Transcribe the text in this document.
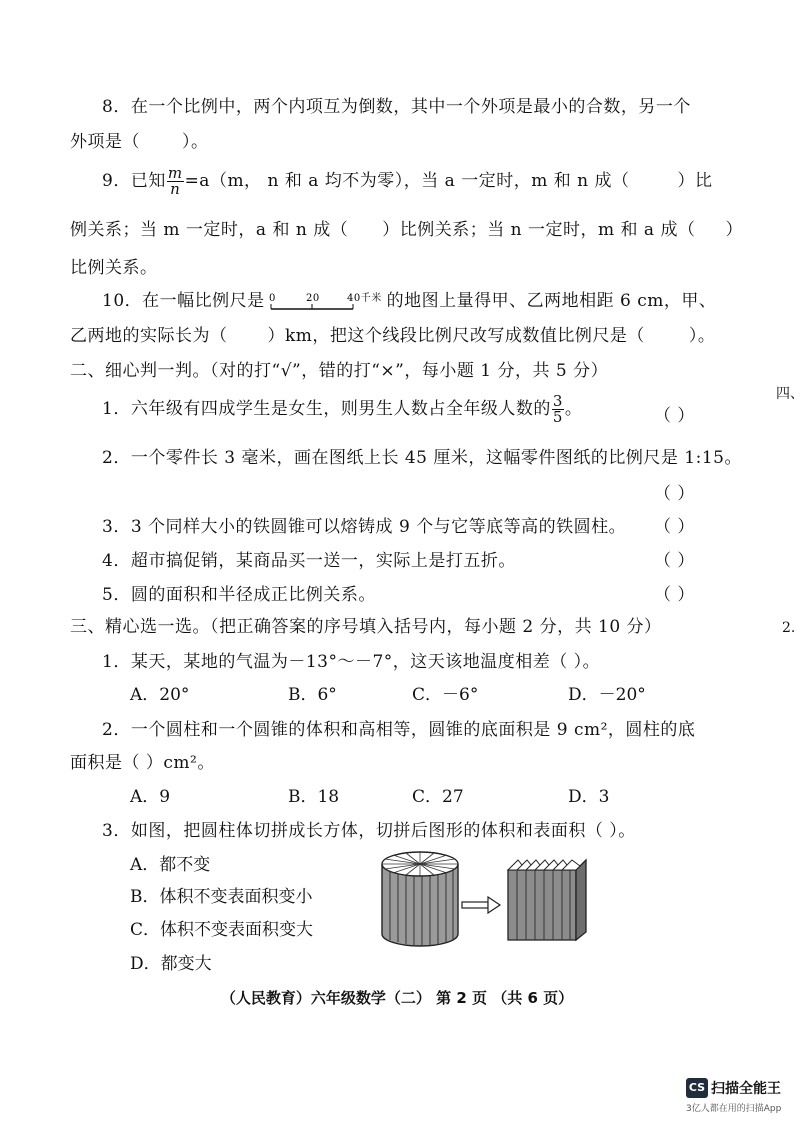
8．在一个比例中，两个内项互为倒数，其中一个外项是最小的合数，另一个
外项是（ ）。
9．已知 $\frac{m}{n} =a(m$， n 和 a 均不为零），当 a 一定时，m 和 n 成（	）比
例关系；当 m 一定时，a 和 n 成（ ）比例关系；当 n 一定时，m 和 a 成（ ）
比例关系。
10．在一幅比例尺是 0	20	40千米 的地图上量得甲、乙两地相距 6 cm，甲、
乙两地的实际长为（ ）km，把这个线段比例尺改写成数值比例尺是（	）。
二、细心判一判。（对的打“√”，错的打“×”，每小题 1 分，共 5 分）
1．六年级有四成学生是女生，则男生人数占全年级人数的 $\frac{3}{5}$ 。	（ ）
2．一个零件长 3 毫米，画在图纸上长 45 厘米，这幅零件图纸的比例尺是 1:15。
（ ）
3．3 个同样大小的铁圆锥可以熔铸成 9 个与它等底等高的铁圆柱。 （ ）
4．超市搞促销，某商品买一送一，实际上是打五折。	（ ）
5．圆的面积和半径成正比例关系。	（ ）
三、精心选一选。（把正确答案的序号填入括号内，每小题 2 分，共 10 分）
1．某天，某地的气温为－13°～－7°，这天该地温度相差（ ）。
A．20°	B．6°	C．－6°	D．－20°
2．一个圆柱和一个圆锥的体积和高相等，圆锥的底面积是 9 cm²，圆柱的底
面积是（ ）cm²。
A．9	B．18	C．27	D．3
3．如图，把圆柱体切拼成长方体，切拼后图形的体积和表面积（ ）。
A．都不变
B．体积不变表面积变小
C．体积不变表面积变大
D．都变大
（人民教育）六年级数学（二） 第 2 页 （共 6 页）
四、
2.
CS 扫描全能王
3亿人都在用的扫描App
